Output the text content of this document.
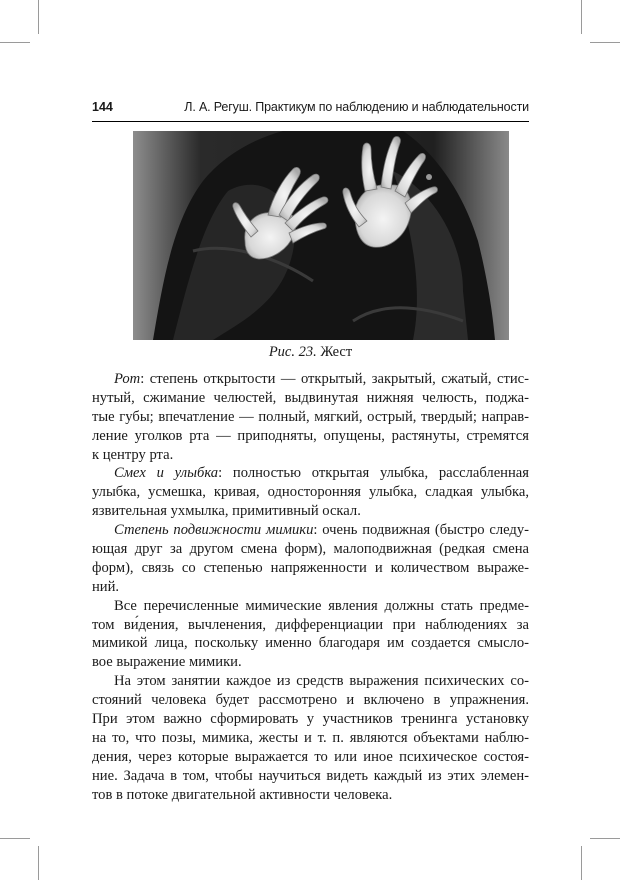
144	Л. А. Регуш. Практикум по наблюдению и наблюдательности
Рис. 23. Жест
Рот: степень открытости — открытый, закрытый, сжатый, стис-
нутый, сжимание челюстей, выдвинутая нижняя челюсть, поджа-
тые губы; впечатление — полный, мягкий, острый, твердый; направ-
ление уголков рта — приподняты, опущены, растянуты, стремятся
к центру рта.
Смех и улыбка: полностью открытая улыбка, расслабленная
улыбка, усмешка, кривая, односторонняя улыбка, сладкая улыбка,
язвительная ухмылка, примитивный оскал.
Степень подвижности мимики: очень подвижная (быстро следу-
ющая друг за другом смена форм), малоподвижная (редкая смена
форм), связь со степенью напряженности и количеством выраже-
ний.
Все перечисленные мимические явления должны стать предме-
том ви́дения, вычленения, дифференциации при наблюдениях за
мимикой лица, поскольку именно благодаря им создается смысло-
вое выражение мимики.
На этом занятии каждое из средств выражения психических со-
стояний человека будет рассмотрено и включено в упражнения.
При этом важно сформировать у участников тренинга установку
на то, что позы, мимика, жесты и т. п. являются объектами наблю-
дения, через которые выражается то или иное психическое состоя-
ние. Задача в том, чтобы научиться видеть каждый из этих элемен-
тов в потоке двигательной активности человека.
